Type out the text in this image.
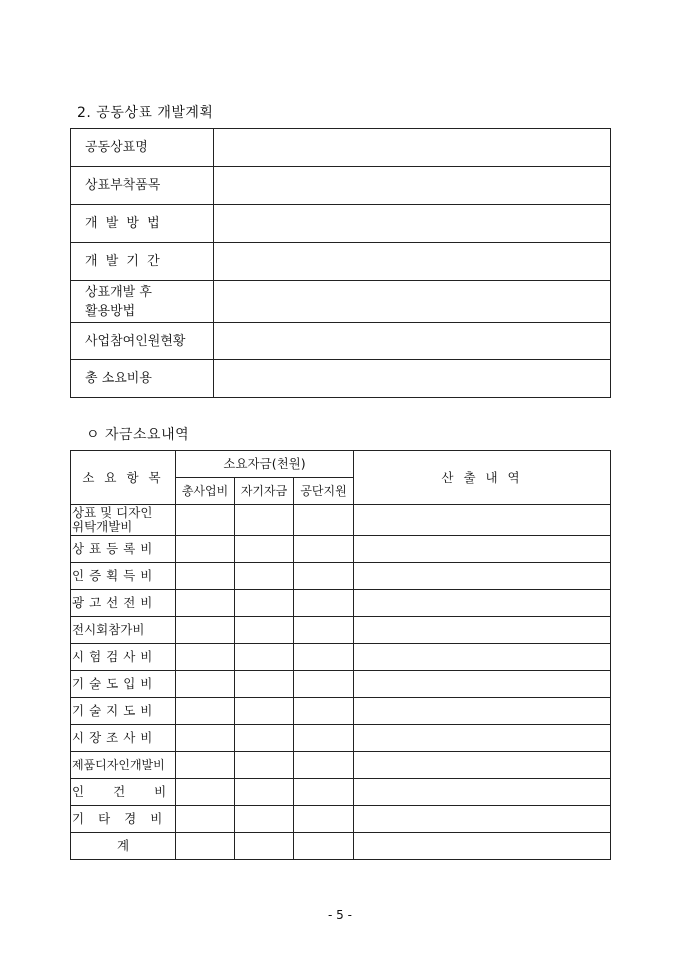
2. 공동상표 개발계획
공동상표명	
상표부착품목	
개 발 방 법	
개 발 기 간	
상표개발 후
활용방법	
사업참여인원현황	
총 소요비용	
ㅇ 자금소요내역
소 요 항 목	소요자금(천원)			산 출 내 역
	총사업비	자기자금	공단지원	
상표 및 디자인
위탁개발비				
상표등록비				
인증획득비				
광고선전비				
전시회참가비				
시험검사비				
기술도입비				
기술지도비				
시장조사비				
제품디자인개발비				
인건비				
기타경비				
계				
- 5 -
